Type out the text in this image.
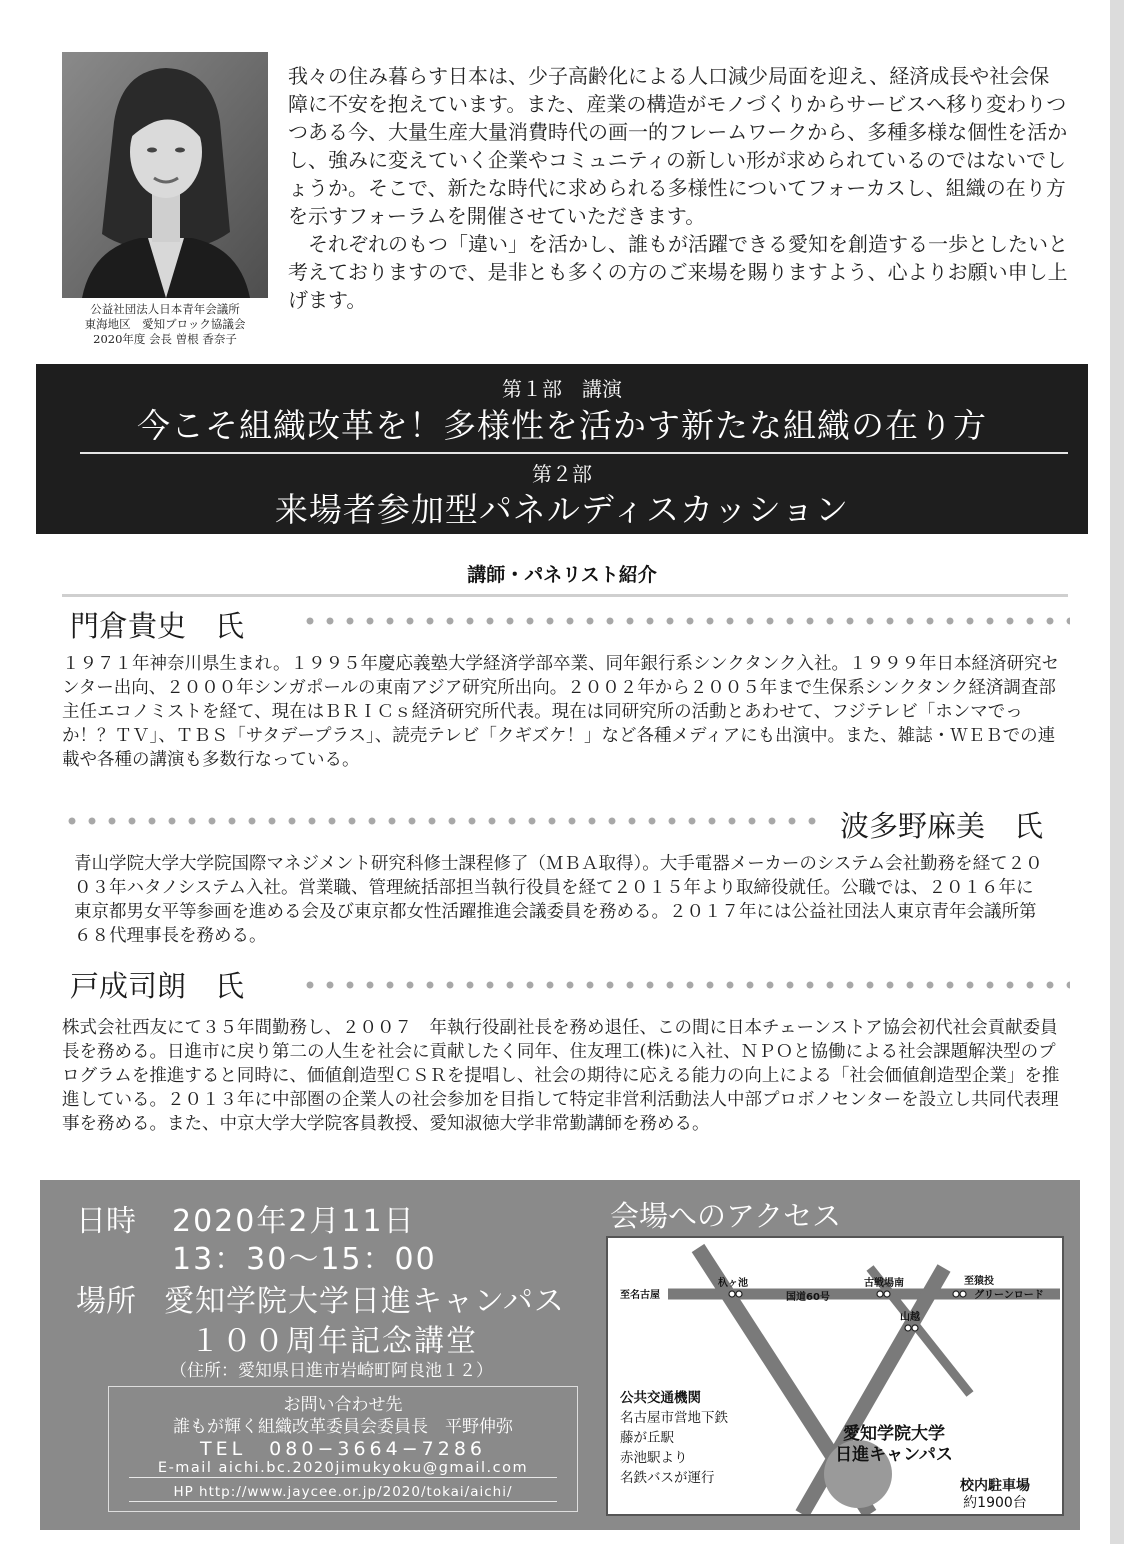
公益社団法人日本青年会議所
東海地区　愛知ブロック協議会
2020年度 会長 曽根 香奈子

我々の住み暮らす日本は、少子高齢化による人口減少局面を迎え、経済成長や社会保障に不安を抱えています。また、産業の構造がモノづくりからサービスへ移り変わりつつある今、大量生産大量消費時代の画一的フレームワークから、多種多様な個性を活かし、強みに変えていく企業やコミュニティの新しい形が求められているのではないでしょうか。そこで、新たな時代に求められる多様性についてフォーカスし、組織の在り方を示すフォーラムを開催させていただきます。

それぞれのもつ「違い」を活かし、誰もが活躍できる愛知を創造する一歩としたいと考えておりますので、是非とも多くの方のご来場を賜りますよう、心よりお願い申し上げます。

第１部　講演
今こそ組織改革を！多様性を活かす新たな組織の在り方
第２部
来場者参加型パネルディスカッション
講師・パネリスト紹介
門倉貴史　氏

１９７１年神奈川県生まれ。１９９５年慶応義塾大学経済学部卒業、同年銀行系シンクタンク入社。１９９９年日本経済研究センター出向、２０００年シンガポールの東南アジア研究所出向。２００２年から２００５年まで生保系シンクタンク経済調査部主任エコノミストを経て、現在はＢＲＩＣｓ経済研究所代表。現在は同研究所の活動とあわせて、フジテレビ「ホンマでっか！？ＴＶ」、ＴＢＳ「サタデープラス」、読売テレビ「クギズケ！」など各種メディアにも出演中。また、雑誌・ＷＥＢでの連載や各種の講演も多数行なっている。

波多野麻美　氏

青山学院大学大学院国際マネジメント研究科修士課程修了（ＭＢＡ取得）。大手電器メーカーのシステム会社勤務を経て２００３年ハタノシステム入社。営業職、管理統括部担当執行役員を経て２０１５年より取締役就任。公職では、２０１６年に東京都男女平等参画を進める会及び東京都女性活躍推進会議委員を務める。２０１７年には公益社団法人東京青年会議所第６８代理事長を務める。

戸成司朗　氏

株式会社西友にて３５年間勤務し、２００７　年執行役副社長を務め退任、この間に日本チェーンストア協会初代社会貢献委員長を務める。日進市に戻り第二の人生を社会に貢献したく同年、住友理工(株)に入社、ＮＰＯと協働による社会課題解決型のプログラムを推進すると同時に、価値創造型ＣＳＲを提唱し、社会の期待に応える能力の向上による「社会価値創造型企業」を推進している。２０１３年に中部圏の企業人の社会参加を目指して特定非営利活動法人中部プロボノセンターを設立し共同代表理事を務める。また、中京大学大学院客員教授、愛知淑徳大学非常勤講師を務める。

日時 2020年2月11日
13：30〜15：00
場所 愛知学院大学日進キャンパス
１００周年記念講堂
（住所：愛知県日進市岩崎町阿良池１２）
お問い合わせ先
誰もが輝く組織改革委員会委員長　平野伸弥
TEL　080−3664−7286
E-mail aichi.bc.2020jimukyoku@gmail.com
HP http://www.jaycee.or.jp/2020/tokai/aichi/
会場へのアクセス
至名古屋
杁ヶ池
国道60号
古戦場南	至猿投
グリーンロード
山越
公共交通機関
名古屋市営地下鉄
藤が丘駅
赤池駅より
名鉄バスが運行
愛知学院大学
日進キャンパス
校内駐車場
約1900台
